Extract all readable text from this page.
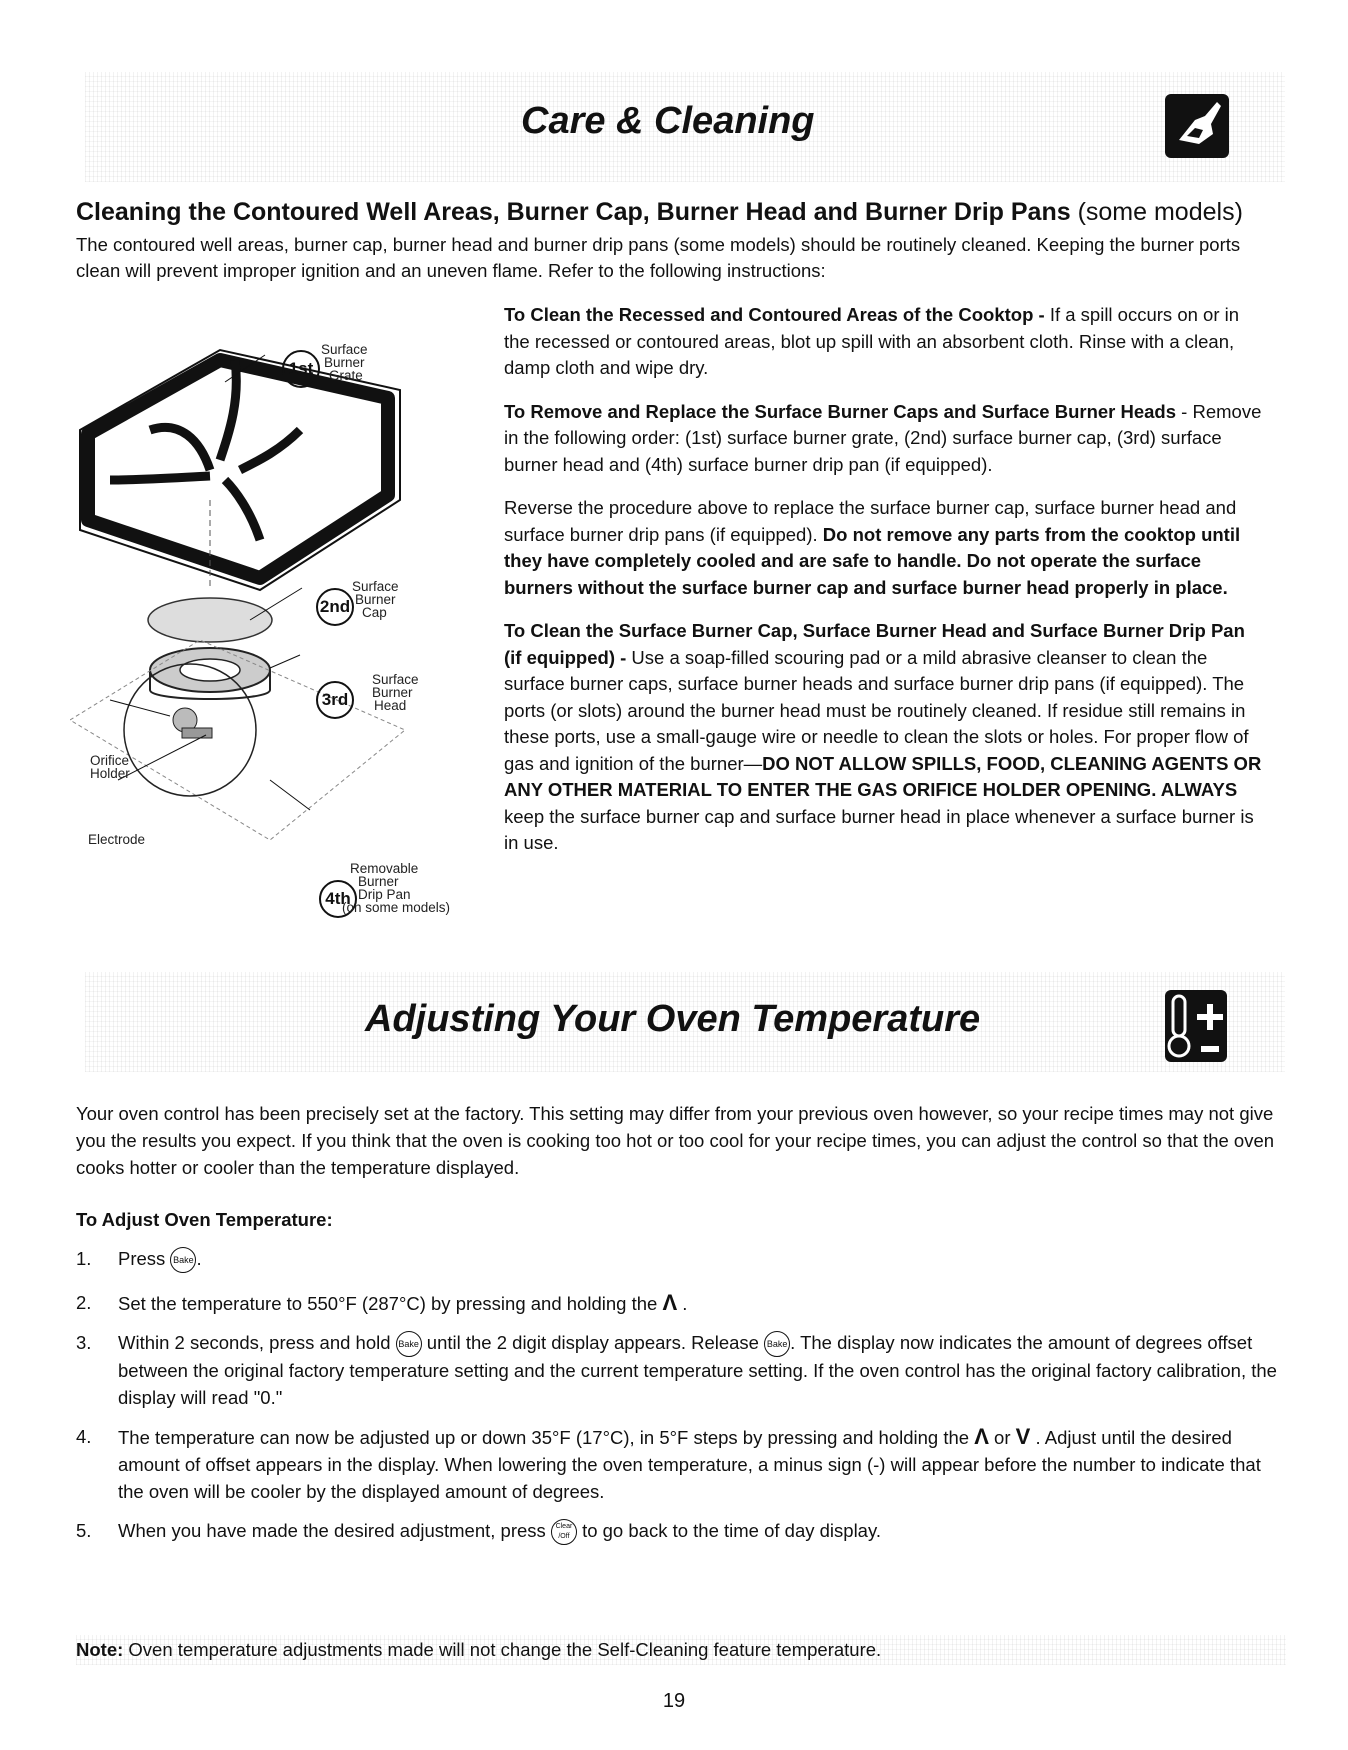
Care & Cleaning
Cleaning the Contoured Well Areas, Burner Cap, Burner Head and Burner Drip Pans (some models)
The contoured well areas, burner cap, burner head and burner drip pans (some models) should be routinely cleaned. Keeping the burner ports clean will prevent improper ignition and an uneven flame. Refer to the following instructions:
1st
Surface
Burner
Grate
2nd
Surface
Burner
Cap
3rd
Surface
Burner
Head
Orifice
Holder
Electrode
4th
Removable
Burner
Drip Pan
(on some models)

To Clean the Recessed and Contoured Areas of the Cooktop - If a spill occurs on or in the recessed or contoured areas, blot up spill with an absorbent cloth. Rinse with a clean, damp cloth and wipe dry.

To Remove and Replace the Surface Burner Caps and Surface Burner Heads - Remove in the following order: (1st) surface burner grate, (2nd) surface burner cap, (3rd) surface burner head and (4th) surface burner drip pan (if equipped).

Reverse the procedure above to replace the surface burner cap, surface burner head and surface burner drip pans (if equipped). Do not remove any parts from the cooktop until they have completely cooled and are safe to handle. Do not operate the surface burners without the surface burner cap and surface burner head properly in place.

To Clean the Surface Burner Cap, Surface Burner Head and Surface Burner Drip Pan (if equipped) - Use a soap-filled scouring pad or a mild abrasive cleanser to clean the surface burner caps, surface burner heads and surface burner drip pans (if equipped). The ports (or slots) around the burner head must be routinely cleaned. If residue still remains in these ports, use a small-gauge wire or needle to clean the slots or holes. For proper flow of gas and ignition of the burner—DO NOT ALLOW SPILLS, FOOD, CLEANING AGENTS OR ANY OTHER MATERIAL TO ENTER THE GAS ORIFICE HOLDER OPENING. ALWAYS keep the surface burner cap and surface burner head in place whenever a surface burner is in use.

Adjusting Your Oven Temperature
Your oven control has been precisely set at the factory. This setting may differ from your previous oven however, so your recipe times may not give you the results you expect. If you think that the oven is cooking too hot or too cool for your recipe times, you can adjust the control so that the oven cooks hotter or cooler than the temperature displayed.
To Adjust Oven Temperature:
1. Press Bake .
2. Set the temperature to 550°F (287°C) by pressing and holding the Λ .
3. Within 2 seconds, press and hold Bake until the 2 digit display appears. Release Bake . The display now indicates the amount of degrees offset between the original factory temperature setting and the current temperature setting. If the oven control has the original factory calibration, the display will read "0."
4. The temperature can now be adjusted up or down 35°F (17°C), in 5°F steps by pressing and holding the Λ or V . Adjust until the desired amount of offset appears in the display. When lowering the oven temperature, a minus sign (-) will appear before the number to indicate that the oven will be cooler by the displayed amount of degrees.
5. When you have made the desired adjustment, press Clear /Off to go back to the time of day display.
Note: Oven temperature adjustments made will not change the Self-Cleaning feature temperature.
19
